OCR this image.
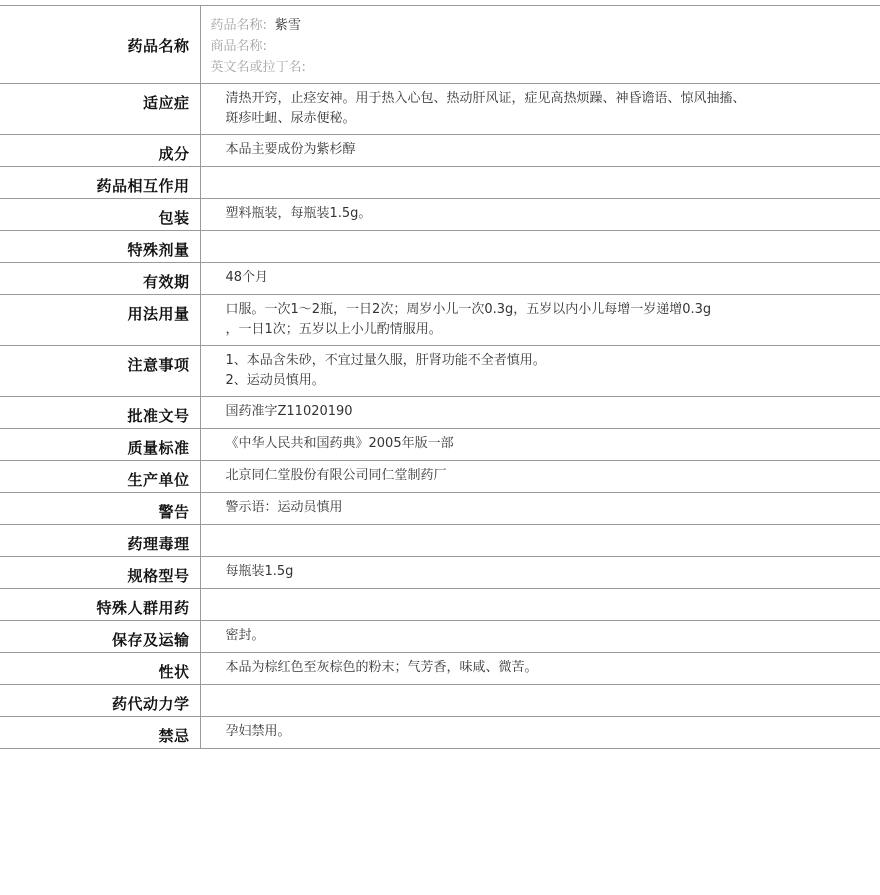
药品名称	药品名称: 紫雪
商品名称:
英文名或拉丁名:

适应症	清热开窍，止痉安神。用于热入心包、热动肝风证，症见高热烦躁、神昏谵语、惊风抽搐、
斑疹吐衄、尿赤便秘。

成分	本品主要成份为紫杉醇

药品相互作用	
包装	塑料瓶装，每瓶装1.5g。

特殊剂量	
有效期	48个月

用法用量	口服。一次1～2瓶，一日2次；周岁小儿一次0.3g，五岁以内小儿每增一岁递增0.3g
，一日1次；五岁以上小儿酌情服用。

注意事项	1、本品含朱砂，不宜过量久服，肝肾功能不全者慎用。
2、运动员慎用。

批准文号	国药准字Z11020190

质量标准	《中华人民共和国药典》2005年版一部

生产单位	北京同仁堂股份有限公司同仁堂制药厂

警告	警示语：运动员慎用

药理毒理	
规格型号	每瓶装1.5g

特殊人群用药	
保存及运输	密封。

性状	本品为棕红色至灰棕色的粉末；气芳香，味咸、微苦。

药代动力学	
禁忌	孕妇禁用。
